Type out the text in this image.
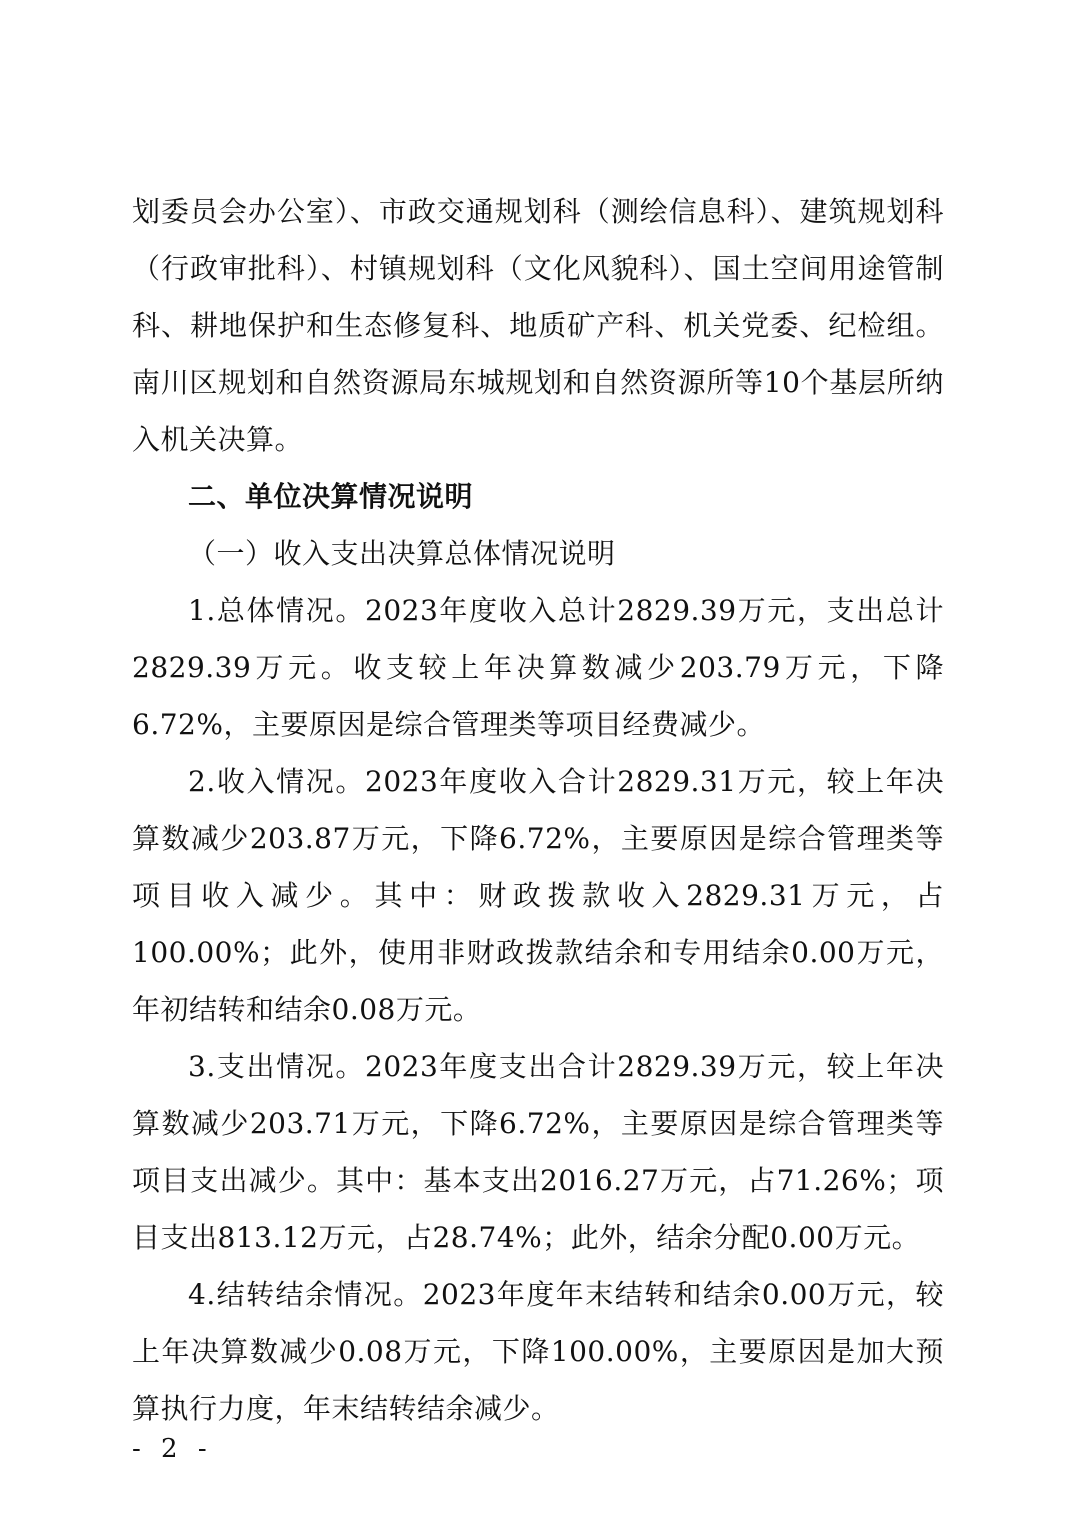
划委员会办公室）、市政交通规划科（测绘信息科）、建筑规划科（行政审批科）、村镇规划科（文化风貌科）、国土空间用途管制科、耕地保护和生态修复科、地质矿产科、机关党委、纪检组。南川区规划和自然资源局东城规划和自然资源所等10个基层所纳入机关决算。

二、单位决算情况说明

（一）收入支出决算总体情况说明

1.总体情况。2023年度收入总计2829.39万元，支出总计2829.39万元。收支较上年决算数减少203.79万元，下降6.72%，主要原因是综合管理类等项目经费减少。

2.收入情况。2023年度收入合计2829.31万元，较上年决算数减少203.87万元，下降6.72%，主要原因是综合管理类等项目收入减少。其中：财政拨款收入2829.31万元，占100.00%；此外，使用非财政拨款结余和专用结余0.00万元，年初结转和结余0.08万元。

3.支出情况。2023年度支出合计2829.39万元，较上年决算数减少203.71万元，下降6.72%，主要原因是综合管理类等项目支出减少。其中：基本支出2016.27万元，占71.26%；项目支出813.12万元，占28.74%；此外，结余分配0.00万元。

4.结转结余情况。2023年度年末结转和结余0.00万元，较上年决算数减少0.08万元，下降100.00%，主要原因是加大预算执行力度，年末结转结余减少。

- 2 -
